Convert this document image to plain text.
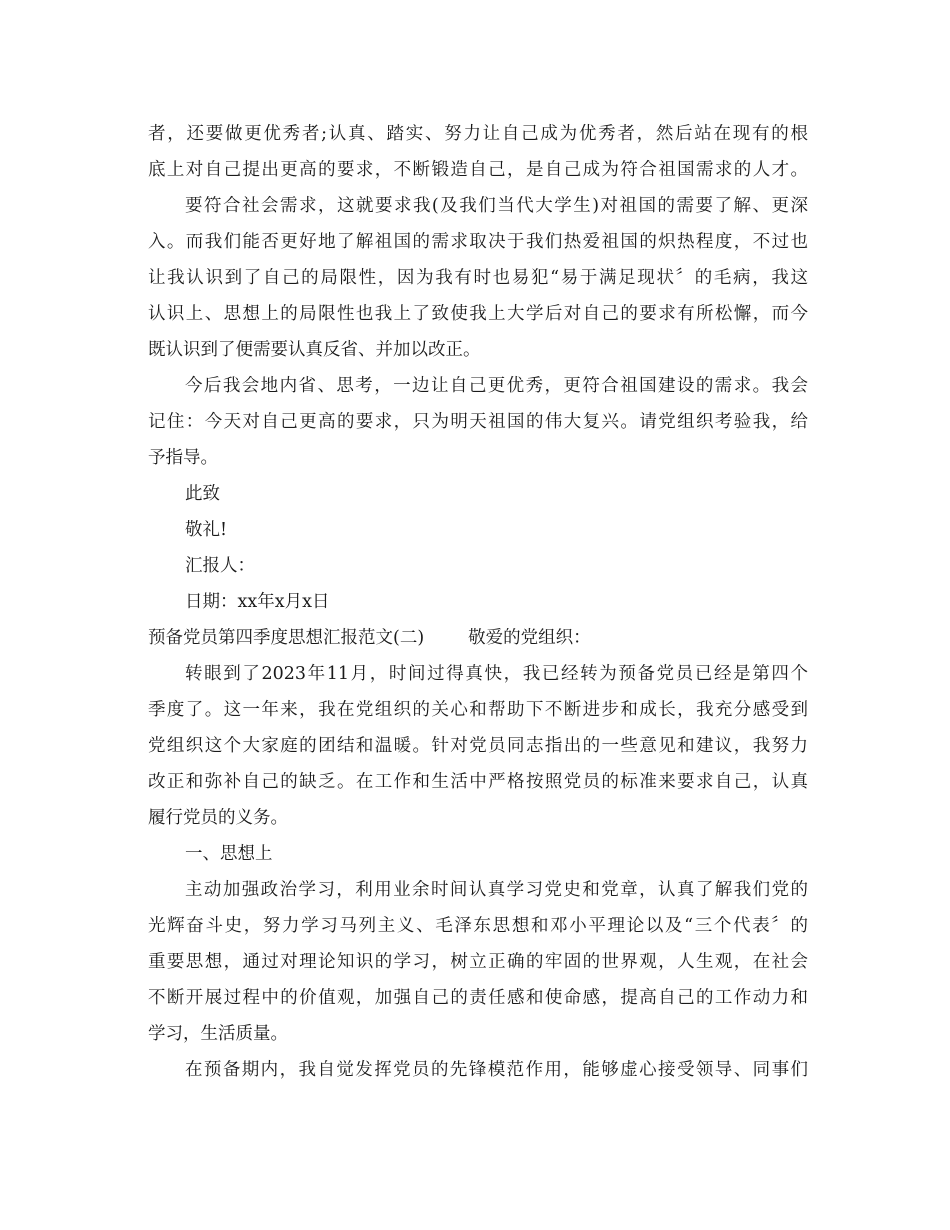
者，还要做更优秀者;认真、踏实、努力让自己成为优秀者，然后站在现有的根
底上对自己提出更高的要求，不断锻造自己，是自己成为符合祖国需求的人才。
要符合社会需求，这就要求我(及我们当代大学生)对祖国的需要了解、更深
入。而我们能否更好地了解祖国的需求取决于我们热爱祖国的炽热程度，不过也
让我认识到了自己的局限性，因为我有时也易犯“易于满足现状〞的毛病，我这
认识上、思想上的局限性也我上了致使我上大学后对自己的要求有所松懈，而今
既认识到了便需要认真反省、并加以改正。
今后我会地内省、思考，一边让自己更优秀，更符合祖国建设的需求。我会
记住：今天对自己更高的要求，只为明天祖国的伟大复兴。请党组织考验我，给
予指导。
此致
敬礼!
汇报人：
日期：xx年x月x日
预备党员第四季度思想汇报范文(二)	敬爱的党组织：
转眼到了2023年11月，时间过得真快，我已经转为预备党员已经是第四个
季度了。这一年来，我在党组织的关心和帮助下不断进步和成长，我充分感受到
党组织这个大家庭的团结和温暖。针对党员同志指出的一些意见和建议，我努力
改正和弥补自己的缺乏。在工作和生活中严格按照党员的标准来要求自己，认真
履行党员的义务。
一、思想上
主动加强政治学习，利用业余时间认真学习党史和党章，认真了解我们党的
光辉奋斗史，努力学习马列主义、毛泽东思想和邓小平理论以及“三个代表〞的
重要思想，通过对理论知识的学习，树立正确的牢固的世界观，人生观，在社会
不断开展过程中的价值观，加强自己的责任感和使命感，提高自己的工作动力和
学习，生活质量。
在预备期内，我自觉发挥党员的先锋模范作用，能够虚心接受领导、同事们
